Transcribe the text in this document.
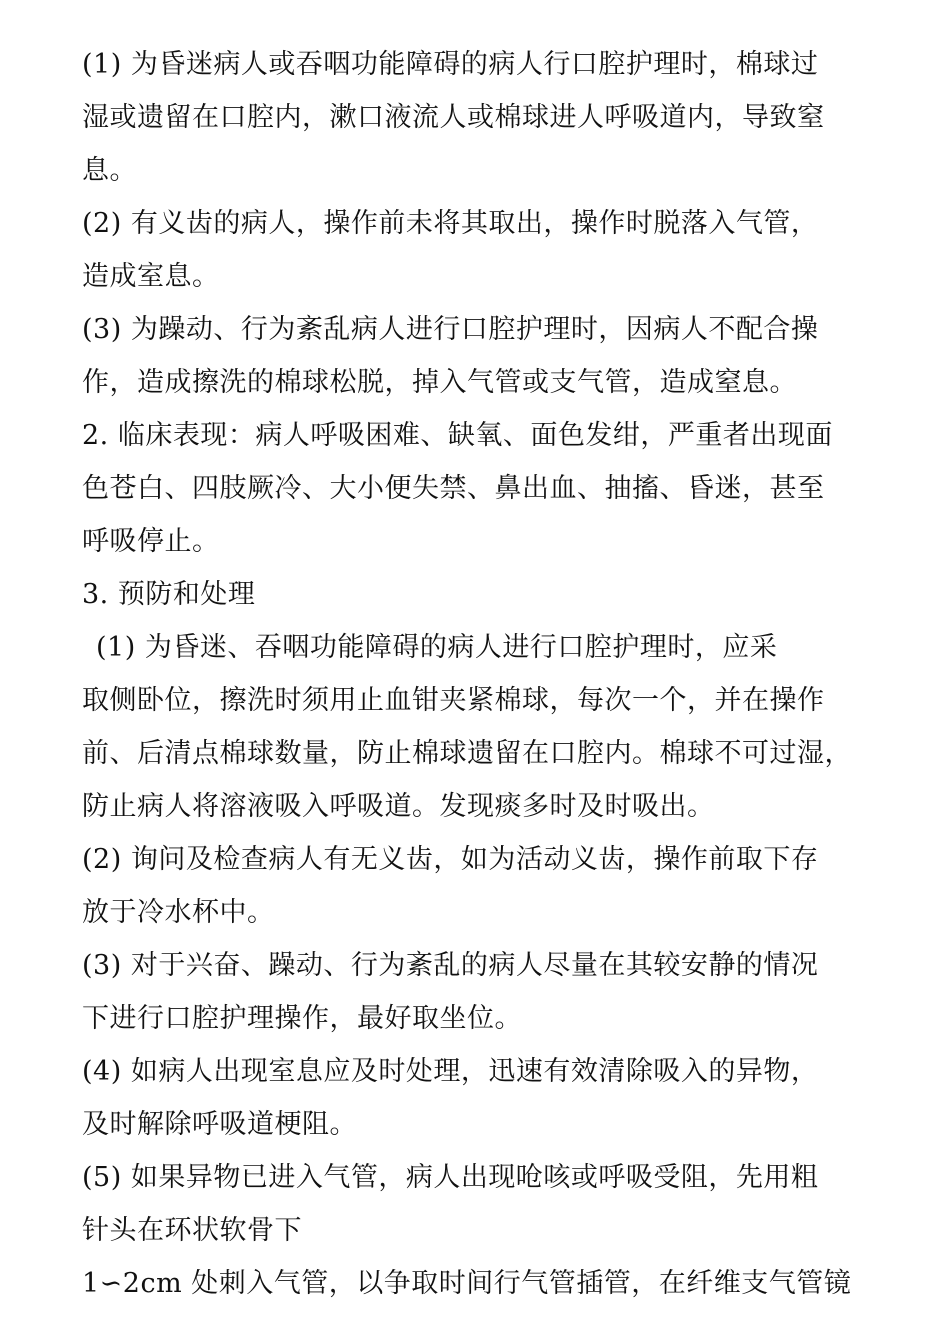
(1) 为昏迷病人或吞咽功能障碍的病人行口腔护理时，棉球过
湿或遗留在口腔内，漱口液流人或棉球进人呼吸道内，导致窒
息。
(2) 有义齿的病人，操作前未将其取出，操作时脱落入气管，
造成室息。
(3) 为躁动、行为紊乱病人进行口腔护理时，因病人不配合操
作，造成擦洗的棉球松脱，掉入气管或支气管，造成窒息。
2. 临床表现：病人呼吸困难、缺氧、面色发绀，严重者出现面
色苍白、四肢厥冷、大小便失禁、鼻出血、抽搐、昏迷，甚至
呼吸停止。
3. 预防和处理
(1) 为昏迷、吞咽功能障碍的病人进行口腔护理时，应采
取侧卧位，擦洗时须用止血钳夹紧棉球，每次一个，并在操作
前、后清点棉球数量，防止棉球遗留在口腔内。棉球不可过湿，
防止病人将溶液吸入呼吸道。发现痰多时及时吸出。
(2) 询问及检查病人有无义齿，如为活动义齿，操作前取下存
放于冷水杯中。
(3) 对于兴奋、躁动、行为紊乱的病人尽量在其较安静的情况
下进行口腔护理操作，最好取坐位。
(4) 如病人出现室息应及时处理，迅速有效清除吸入的异物，
及时解除呼吸道梗阻。
(5) 如果异物已进入气管，病人出现呛咳或呼吸受阻，先用粗
针头在环状软骨下
1∽2cm 处刺入气管，以争取时间行气管插管，在纤维支气管镜
